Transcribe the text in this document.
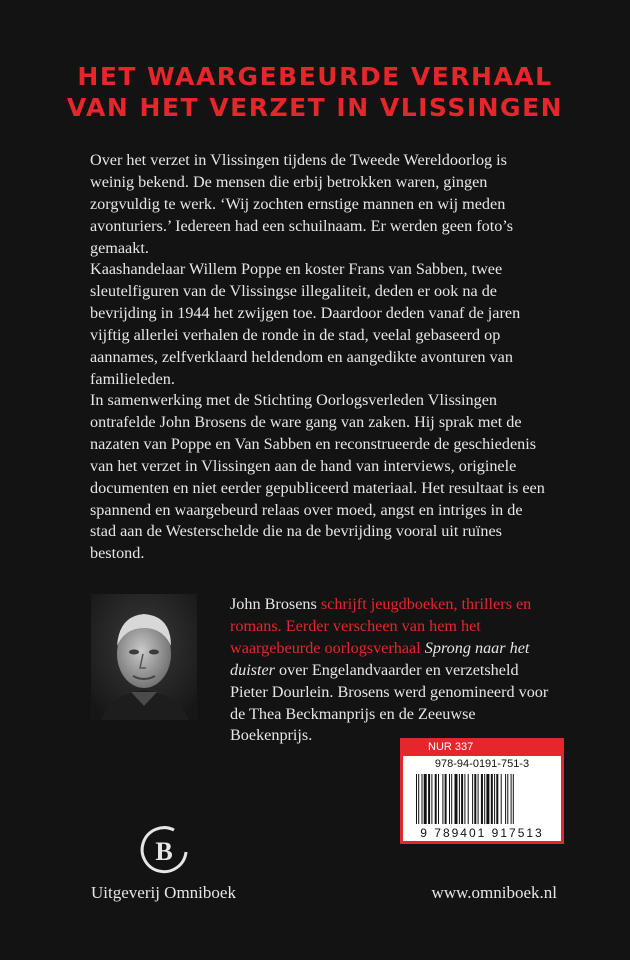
HET WAARGEBEURDE VERHAAL
VAN HET VERZET IN VLISSINGEN

Over het verzet in Vlissingen tijdens de Tweede Wereldoorlog is weinig bekend. De mensen die erbij betrokken waren, gingen zorgvuldig te werk. ‘Wij zochten ernstige mannen en wij meden avonturiers.’ Iedereen had een schuilnaam. Er werden geen foto’s gemaakt.

Kaashandelaar Willem Poppe en koster Frans van Sabben, twee sleutelfiguren van de Vlissingse illegaliteit, deden er ook na de bevrijding in 1944 het zwijgen toe. Daardoor deden vanaf de jaren vijftig allerlei verhalen de ronde in de stad, veelal gebaseerd op aannames, zelfverklaard heldendom en aangedikte avonturen van familieleden.

In samenwerking met de Stichting Oorlogsverleden Vlissingen ontrafelde John Brosens de ware gang van zaken. Hij sprak met de nazaten van Poppe en Van Sabben en reconstrueerde de geschiedenis van het verzet in Vlissingen aan de hand van interviews, originele documenten en niet eerder gepubliceerd materiaal. Het resultaat is een spannend en waargebeurd relaas over moed, angst en intriges in de stad aan de Westerschelde die na de bevrijding vooral uit ruïnes bestond.

John Brosens schrijft jeugdboeken, thrillers en romans. Eerder verscheen van hem het waargebeurde oorlogsverhaal Sprong naar het duister over Engelandvaarder en verzetsheld Pieter Dourlein. Brosens werd genomineerd voor de Thea Beckmanprijs en de Zeeuwse Boekenprijs.
NUR 337
978-94-0191-751-3
9 789401 917513
B
Uitgeverij Omniboek	www.omniboek.nl
